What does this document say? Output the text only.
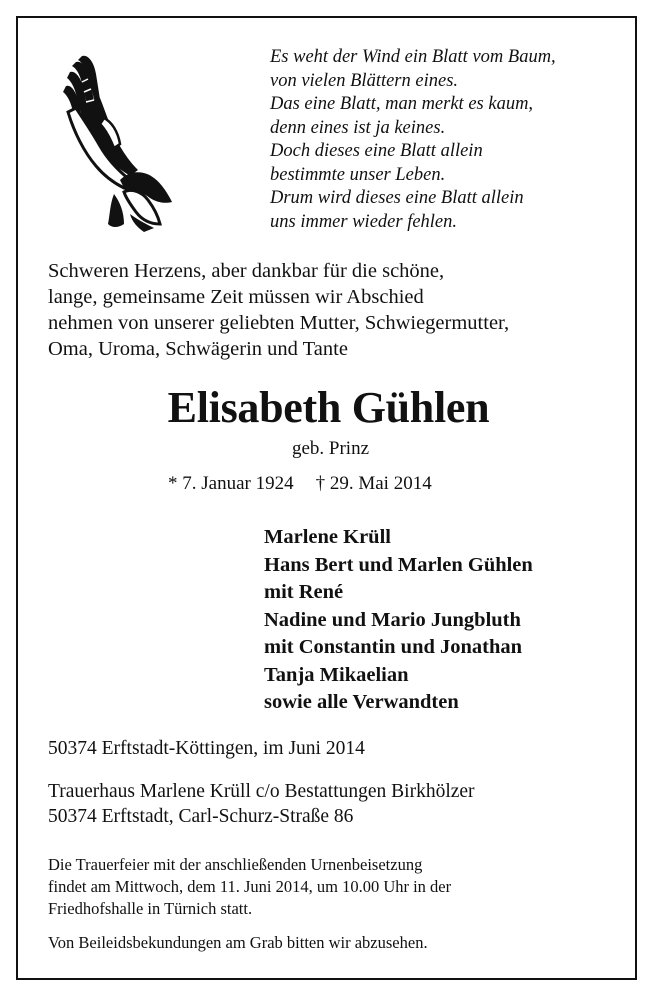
Es weht der Wind ein Blatt vom Baum,
von vielen Blättern eines.
Das eine Blatt, man merkt es kaum,
denn eines ist ja keines.
Doch dieses eine Blatt allein
bestimmte unser Leben.
Drum wird dieses eine Blatt allein
uns immer wieder fehlen.
Schweren Herzens, aber dankbar für die schöne,
lange, gemeinsame Zeit müssen wir Abschied
nehmen von unserer geliebten Mutter, Schwiegermutter,
Oma, Uroma, Schwägerin und Tante
Elisabeth Gühlen
geb. Prinz
* 7. Januar 1924 † 29. Mai 2014
Marlene Krüll
Hans Bert und Marlen Gühlen
mit René
Nadine und Mario Jungbluth
mit Constantin und Jonathan
Tanja Mikaelian
sowie alle Verwandten
50374 Erftstadt-Köttingen, im Juni 2014
Trauerhaus Marlene Krüll c/o Bestattungen Birkhölzer
50374 Erftstadt, Carl-Schurz-Straße 86
Die Trauerfeier mit der anschließenden Urnenbeisetzung
findet am Mittwoch, dem 11. Juni 2014, um 10.00 Uhr in der
Friedhofshalle in Türnich statt.
Von Beileidsbekundungen am Grab bitten wir abzusehen.
